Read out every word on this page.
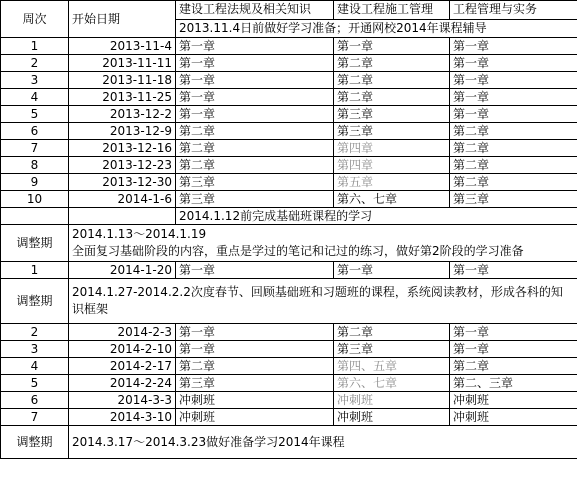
周次	开始日期	建设工程法规及相关知识	建设工程施工管理	工程管理与实务
		2013.11.4日前做好学习准备；开通网校2014年课程辅导		
1	2013-11-4	第一章	第一章	第一章
2	2013-11-11	第一章	第二章	第一章
3	2013-11-18	第一章	第二章	第一章
4	2013-11-25	第一章	第二章	第一章
5	2013-12-2	第一章	第三章	第一章
6	2013-12-9	第二章	第三章	第二章
7	2013-12-16	第二章	第四章	第二章
8	2013-12-23	第二章	第四章	第二章
9	2013-12-30	第三章	第五章	第二章
10	2014-1-6	第三章	第六、七章	第三章
		2014.1.12前完成基础班课程的学习		
调整期	2014.1.13～2014.1.19
全面复习基础阶段的内容，重点是学过的笔记和记过的练习，做好第2阶段的学习准备			

1	2014-1-20	第一章	第一章	第一章
调整期	2014.1.27-2014.2.2次度春节、回顾基础班和习题班的课程，系统阅读教材，形成各科的知识框架			
2	2014-2-3	第一章	第二章	第一章
3	2014-2-10	第一章	第三章	第一章
4	2014-2-17	第二章	第四、五章	第二章
5	2014-2-24	第三章	第六、七章	第二、三章
6	2014-3-3	冲刺班	冲刺班	冲刺班
7	2014-3-10	冲刺班	冲刺班	冲刺班
调整期	2014.3.17～2014.3.23做好准备学习2014年课程			
